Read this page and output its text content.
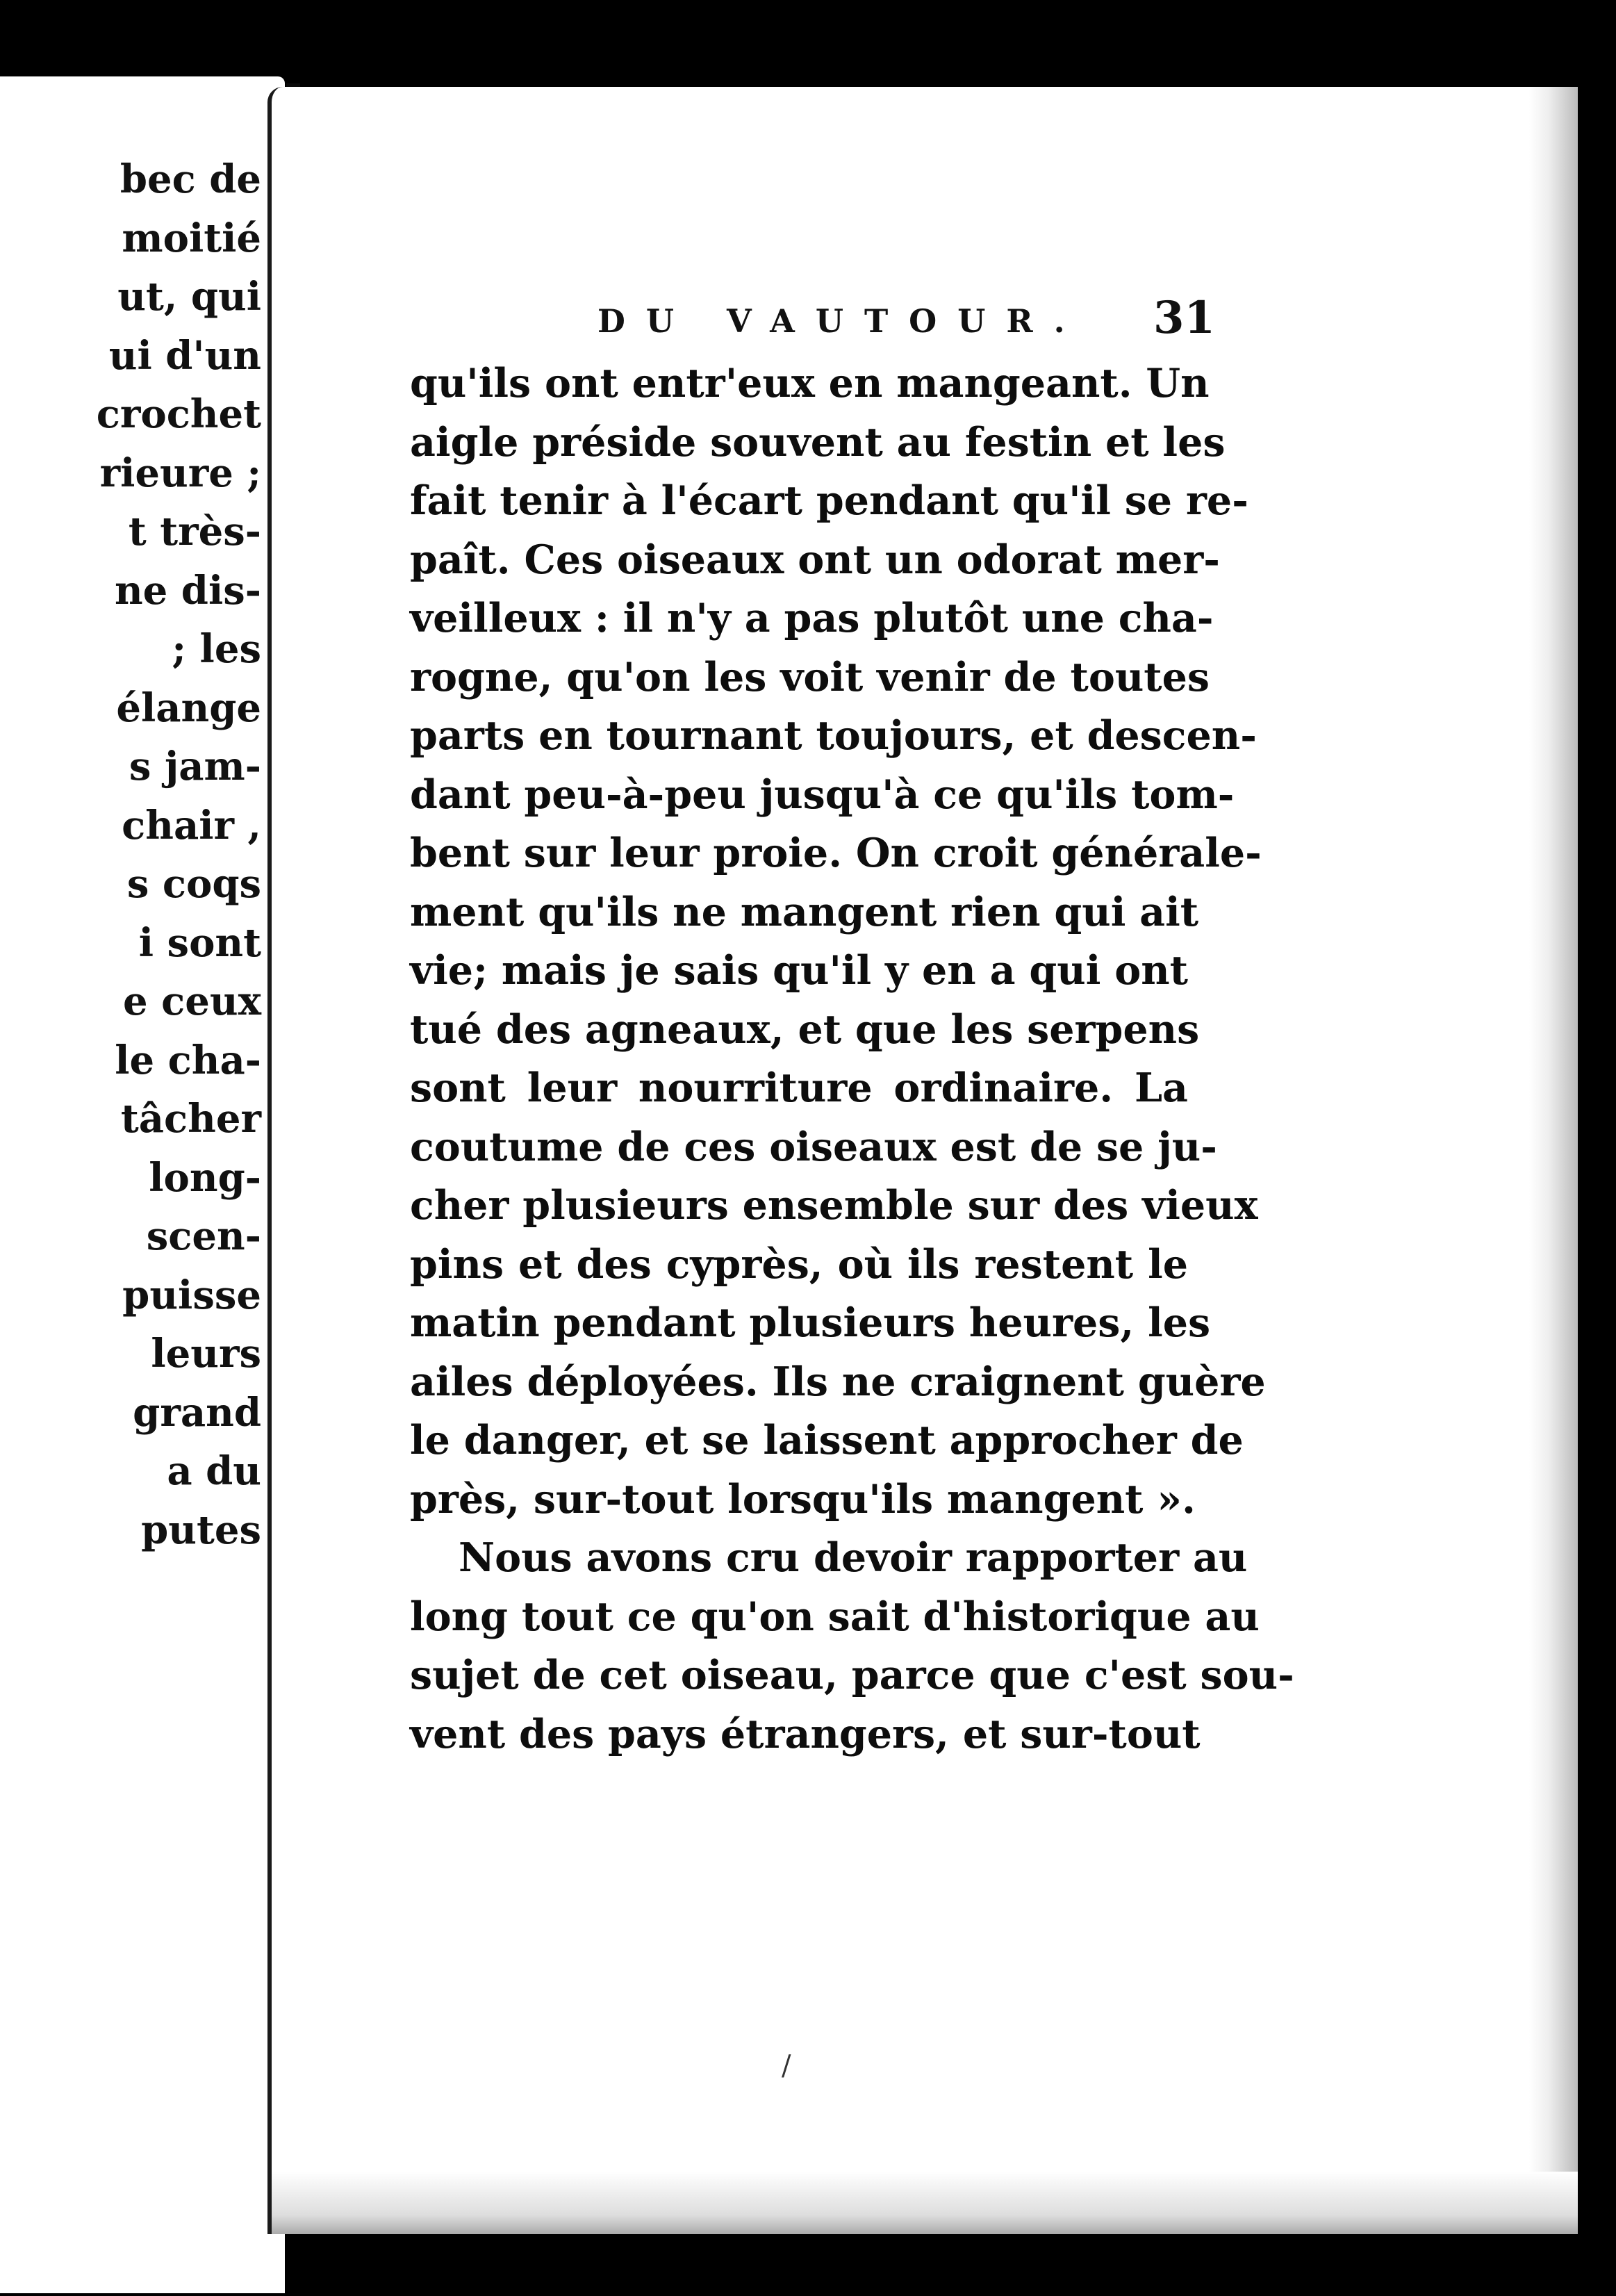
bec de
moitié
ut, qui
ui d'un
crochet
rieure ;
t très-
ne dis-
; les
élange
s jam-
chair ,
s coqs
i sont
e ceux
le cha-
tâcher
long-
scen-
puisse
leurs
grand
a du
putes
DU VAUTOUR. 31
qu'ils ont entr'eux en mangeant. Un
aigle préside souvent au festin et les
fait tenir à l'écart pendant qu'il se re-
paît. Ces oiseaux ont un odorat mer-
veilleux : il n'y a pas plutôt une cha-
rogne, qu'on les voit venir de toutes
parts en tournant toujours, et descen-
dant peu-à-peu jusqu'à ce qu'ils tom-
bent sur leur proie. On croit générale-
ment qu'ils ne mangent rien qui ait
vie; mais je sais qu'il y en a qui ont
tué des agneaux, et que les serpens
sont leur nourriture ordinaire. La
coutume de ces oiseaux est de se ju-
cher plusieurs ensemble sur des vieux
pins et des cyprès, où ils restent le
matin pendant plusieurs heures, les
ailes déployées. Ils ne craignent guère
le danger, et se laissent approcher de
près, sur-tout lorsqu'ils mangent ».
Nous avons cru devoir rapporter au
long tout ce qu'on sait d'historique au
sujet de cet oiseau, parce que c'est sou-
vent des pays étrangers, et sur-tout
/
